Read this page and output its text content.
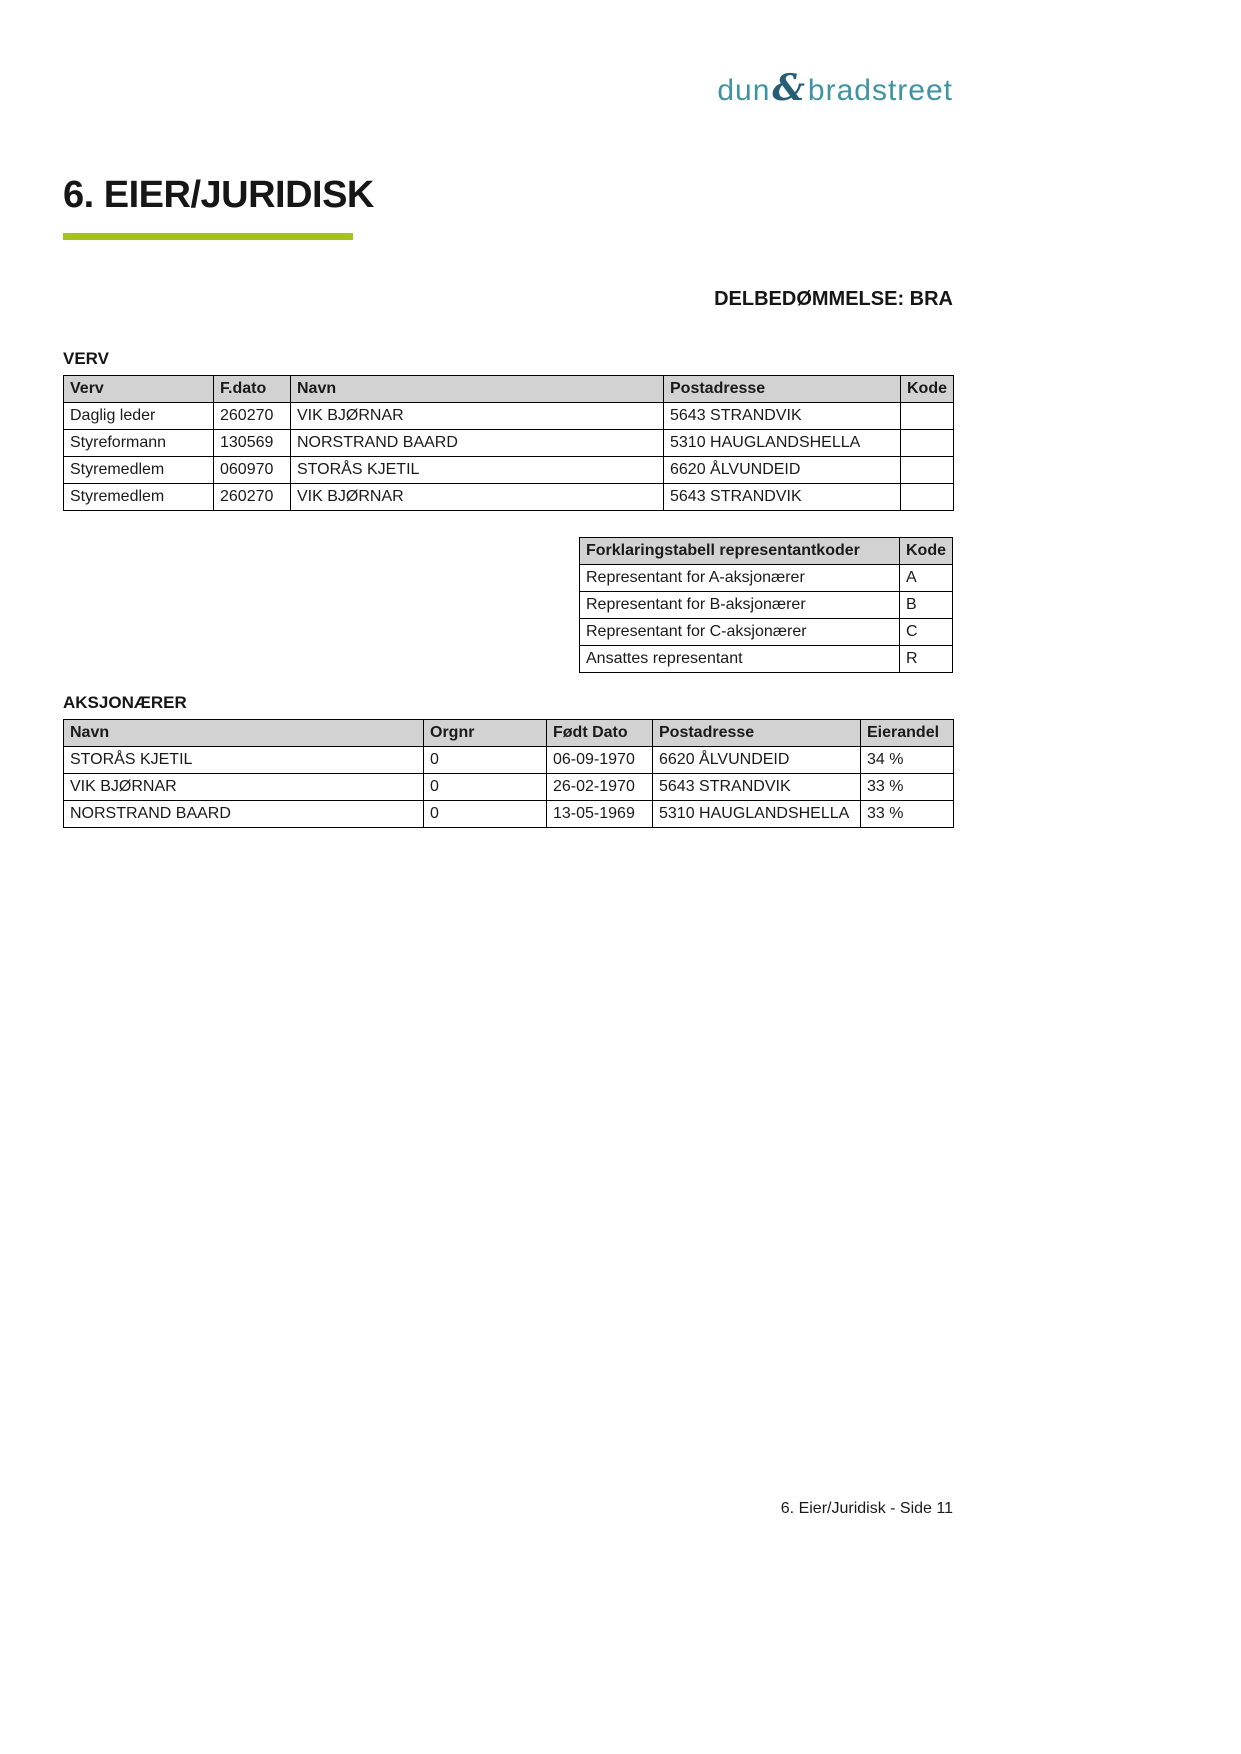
dun&bradstreet
6. EIER/JURIDISK
DELBEDØMMELSE: BRA
VERV
Verv	F.dato	Navn	Postadresse	Kode
Daglig leder	260270	VIK BJØRNAR	5643 STRANDVIK	
Styreformann	130569	NORSTRAND BAARD	5310 HAUGLANDSHELLA	
Styremedlem	060970	STORÅS KJETIL	6620 ÅLVUNDEID	
Styremedlem	260270	VIK BJØRNAR	5643 STRANDVIK	
Forklaringstabell representantkoder	Kode
Representant for A-aksjonærer	A
Representant for B-aksjonærer	B
Representant for C-aksjonærer	C
Ansattes representant	R
AKSJONÆRER
Navn	Orgnr	Født Dato	Postadresse	Eierandel
STORÅS KJETIL	0	06-09-1970	6620 ÅLVUNDEID	34 %
VIK BJØRNAR	0	26-02-1970	5643 STRANDVIK	33 %
NORSTRAND BAARD	0	13-05-1969	5310 HAUGLANDSHELLA	33 %
6. Eier/Juridisk - Side 11
